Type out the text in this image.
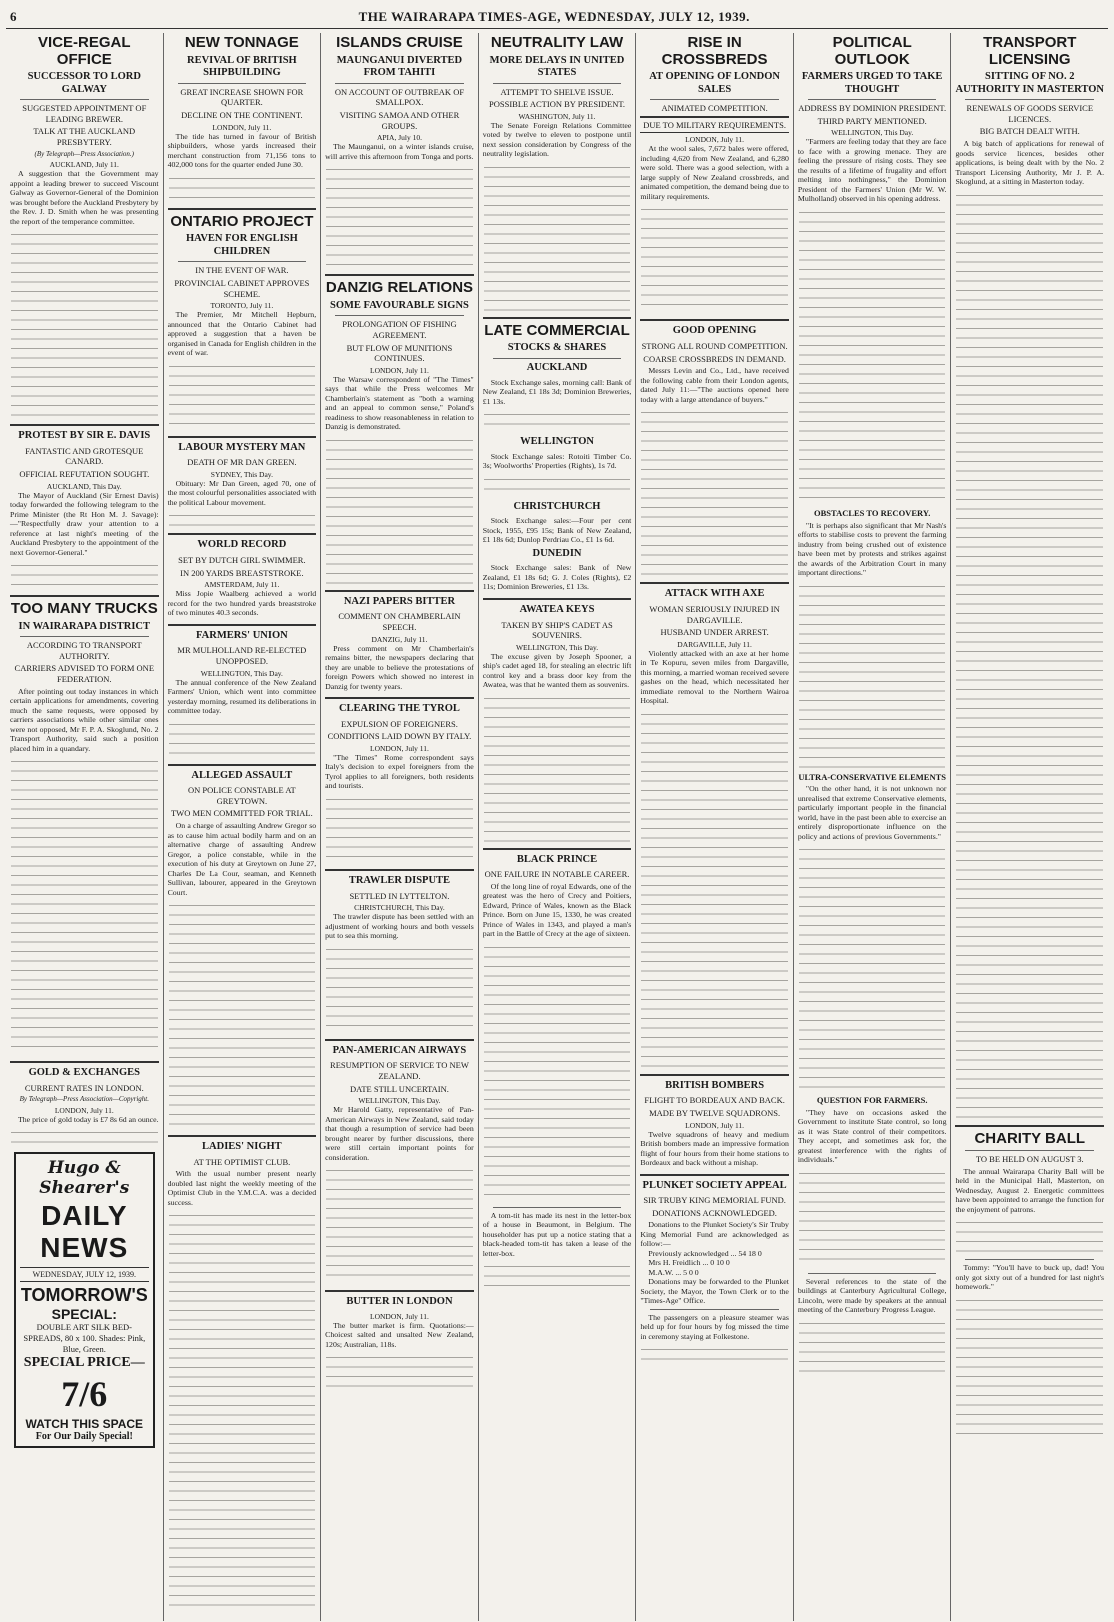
6	THE WAIRARAPA TIMES-AGE, WEDNESDAY, JULY 12, 1939.
VICE-REGAL OFFICE
SUCCESSOR TO LORD GALWAY
SUGGESTED APPOINTMENT OF LEADING BREWER.
TALK AT THE AUCKLAND PRESBYTERY.
(By Telegraph—Press Association.)
AUCKLAND, July 11.
A suggestion that the Government may appoint a leading brewer to succeed Viscount Galway as Governor-General of the Dominion was brought before the Auckland Presbytery by the Rev. J. D. Smith when he was presenting the report of the temperance committee.
PROTEST BY SIR E. DAVIS
FANTASTIC AND GROTESQUE CANARD.
OFFICIAL REFUTATION SOUGHT.
AUCKLAND, This Day.
The Mayor of Auckland (Sir Ernest Davis) today forwarded the following telegram to the Prime Minister (the Rt Hon M. J. Savage):—"Respectfully draw your attention to a reference at last night's meeting of the Auckland Presbytery to the appointment of the next Governor-General."
TOO MANY TRUCKS
IN WAIRARAPA DISTRICT
ACCORDING TO TRANSPORT AUTHORITY.
CARRIERS ADVISED TO FORM ONE FEDERATION.
After pointing out today instances in which certain applications for amendments, covering much the same requests, were opposed by carriers associations while other similar ones were not opposed, Mr F. P. A. Skoglund, No. 2 Transport Authority, said such a position placed him in a quandary.
GOLD & EXCHANGES
CURRENT RATES IN LONDON.
By Telegraph—Press Association—Copyright.
LONDON, July 11.
The price of gold today is £7 8s 6d an ounce.
Hugo & Shearer's
DAILY NEWS
WEDNESDAY, JULY 12, 1939.
TOMORROW'S
SPECIAL:
DOUBLE ART SILK BED-SPREADS, 80 x 100. Shades: Pink, Blue, Green.
SPECIAL PRICE—
7/6
WATCH THIS SPACE
For Our Daily Special!
NEW TONNAGE
REVIVAL OF BRITISH SHIPBUILDING
GREAT INCREASE SHOWN FOR QUARTER.
DECLINE ON THE CONTINENT.
LONDON, July 11.
The tide has turned in favour of British shipbuilders, whose yards increased their merchant construction from 71,156 tons to 402,000 tons for the quarter ended June 30.
ONTARIO PROJECT
HAVEN FOR ENGLISH CHILDREN
IN THE EVENT OF WAR.
PROVINCIAL CABINET APPROVES SCHEME.
TORONTO, July 11.
The Premier, Mr Mitchell Hepburn, announced that the Ontario Cabinet had approved a suggestion that a haven be organised in Canada for English children in the event of war.
LABOUR MYSTERY MAN
DEATH OF MR DAN GREEN.
SYDNEY, This Day.
Obituary: Mr Dan Green, aged 70, one of the most colourful personalities associated with the political Labour movement.
WORLD RECORD
SET BY DUTCH GIRL SWIMMER.
IN 200 YARDS BREASTSTROKE.
AMSTERDAM, July 11.
Miss Jopie Waalberg achieved a world record for the two hundred yards breaststroke of two minutes 40.3 seconds.
FARMERS' UNION
MR MULHOLLAND RE-ELECTED UNOPPOSED.
WELLINGTON, This Day.
The annual conference of the New Zealand Farmers' Union, which went into committee yesterday morning, resumed its deliberations in committee today.
ALLEGED ASSAULT
ON POLICE CONSTABLE AT GREYTOWN.
TWO MEN COMMITTED FOR TRIAL.
On a charge of assaulting Andrew Gregor so as to cause him actual bodily harm and on an alternative charge of assaulting Andrew Gregor, a police constable, while in the execution of his duty at Greytown on June 27, Charles De La Cour, seaman, and Kenneth Sullivan, labourer, appeared in the Greytown Court.
LADIES' NIGHT
AT THE OPTIMIST CLUB.
With the usual number present nearly doubled last night the weekly meeting of the Optimist Club in the Y.M.C.A. was a decided success.
ISLANDS CRUISE
MAUNGANUI DIVERTED FROM TAHITI
ON ACCOUNT OF OUTBREAK OF SMALLPOX.
VISITING SAMOA AND OTHER GROUPS.
APIA, July 10.
The Maunganui, on a winter islands cruise, will arrive this afternoon from Tonga and ports.
DANZIG RELATIONS
SOME FAVOURABLE SIGNS
PROLONGATION OF FISHING AGREEMENT.
BUT FLOW OF MUNITIONS CONTINUES.
LONDON, July 11.
The Warsaw correspondent of "The Times" says that while the Press welcomes Mr Chamberlain's statement as "both a warning and an appeal to common sense," Poland's readiness to show reasonableness in relation to Danzig is demonstrated.
NAZI PAPERS BITTER
COMMENT ON CHAMBERLAIN SPEECH.
DANZIG, July 11.
Press comment on Mr Chamberlain's remains bitter, the newspapers declaring that they are unable to believe the protestations of foreign Powers which showed no interest in Danzig for twenty years.
CLEARING THE TYROL
EXPULSION OF FOREIGNERS.
CONDITIONS LAID DOWN BY ITALY.
LONDON, July 11.
"The Times" Rome correspondent says Italy's decision to expel foreigners from the Tyrol applies to all foreigners, both residents and tourists.
TRAWLER DISPUTE
SETTLED IN LYTTELTON.
CHRISTCHURCH, This Day.
The trawler dispute has been settled with an adjustment of working hours and both vessels put to sea this morning.
PAN-AMERICAN AIRWAYS
RESUMPTION OF SERVICE TO NEW ZEALAND.
DATE STILL UNCERTAIN.
WELLINGTON, This Day.
Mr Harold Gatty, representative of Pan-American Airways in New Zealand, said today that though a resumption of service had been brought nearer by further discussions, there were still certain important points for consideration.
BUTTER IN LONDON
LONDON, July 11.
The butter market is firm. Quotations:—Choicest salted and unsalted New Zealand, 120s; Australian, 118s.
NEUTRALITY LAW
MORE DELAYS IN UNITED STATES
ATTEMPT TO SHELVE ISSUE.
POSSIBLE ACTION BY PRESIDENT.
WASHINGTON, July 11.
The Senate Foreign Relations Committee voted by twelve to eleven to postpone until next session consideration by Congress of the neutrality legislation.
LATE COMMERCIAL
STOCKS & SHARES
AUCKLAND
Stock Exchange sales, morning call: Bank of New Zealand, £1 18s 3d; Dominion Breweries, £1 13s.
WELLINGTON
Stock Exchange sales: Rotoiti Timber Co. 3s; Woolworths' Properties (Rights), 1s 7d.
CHRISTCHURCH
Stock Exchange sales:—Four per cent Stock, 1955, £95 15s; Bank of New Zealand, £1 18s 6d; Dunlop Perdriau Co., £1 1s 6d.
DUNEDIN
Stock Exchange sales: Bank of New Zealand, £1 18s 6d; G. J. Coles (Rights), £2 11s; Dominion Breweries, £1 13s.
AWATEA KEYS
TAKEN BY SHIP'S CADET AS SOUVENIRS.
WELLINGTON, This Day.
The excuse given by Joseph Spooner, a ship's cadet aged 18, for stealing an electric lift control key and a brass door key from the Awatea, was that he wanted them as souvenirs.
BLACK PRINCE
ONE FAILURE IN NOTABLE CAREER.
Of the long line of royal Edwards, one of the greatest was the hero of Crecy and Poitiers, Edward, Prince of Wales, known as the Black Prince. Born on June 15, 1330, he was created Prince of Wales in 1343, and played a man's part in the Battle of Crecy at the age of sixteen.
A tom-tit has made its nest in the letter-box of a house in Beaumont, in Belgium. The householder has put up a notice stating that a black-headed tom-tit has taken a lease of the letter-box.
RISE IN CROSSBREDS
AT OPENING OF LONDON SALES
ANIMATED COMPETITION.
DUE TO MILITARY REQUIREMENTS.
LONDON, July 11.
At the wool sales, 7,672 bales were offered, including 4,620 from New Zealand, and 6,280 were sold. There was a good selection, with a large supply of New Zealand crossbreds, and animated competition, the demand being due to military requirements.
GOOD OPENING
STRONG ALL ROUND COMPETITION.
COARSE CROSSBREDS IN DEMAND.
Messrs Levin and Co., Ltd., have received the following cable from their London agents, dated July 11:—"The auctions opened here today with a large attendance of buyers."
ATTACK WITH AXE
WOMAN SERIOUSLY INJURED IN DARGAVILLE.
HUSBAND UNDER ARREST.
DARGAVILLE, July 11.
Violently attacked with an axe at her home in Te Kopuru, seven miles from Dargaville, this morning, a married woman received severe gashes on the head, which necessitated her immediate removal to the Northern Wairoa Hospital.
BRITISH BOMBERS
FLIGHT TO BORDEAUX AND BACK.
MADE BY TWELVE SQUADRONS.
LONDON, July 11.
Twelve squadrons of heavy and medium British bombers made an impressive formation flight of four hours from their home stations to Bordeaux and back without a mishap.
PLUNKET SOCIETY APPEAL
SIR TRUBY KING MEMORIAL FUND.
DONATIONS ACKNOWLEDGED.
Donations to the Plunket Society's Sir Truby King Memorial Fund are acknowledged as follow:—
Previously acknowledged ... 54 18 0
Mrs H. Freidlich ... 0 10 0
M.A.W. ... 5 0 0
Donations may be forwarded to the Plunket Society, the Mayor, the Town Clerk or to the "Times-Age" Office.
The passengers on a pleasure steamer was held up for four hours by fog missed the time in ceremony staying at Folkestone.
POLITICAL OUTLOOK
FARMERS URGED TO TAKE THOUGHT
ADDRESS BY DOMINION PRESIDENT.
THIRD PARTY MENTIONED.
WELLINGTON, This Day.
"Farmers are feeling today that they are face to face with a growing menace. They are feeling the pressure of rising costs. They see the results of a lifetime of frugality and effort melting into nothingness," the Dominion President of the Farmers' Union (Mr W. W. Mulholland) observed in his opening address.
OBSTACLES TO RECOVERY.
"It is perhaps also significant that Mr Nash's efforts to stabilise costs to prevent the farming industry from being crushed out of existence have been met by protests and strikes against the awards of the Arbitration Court in many important directions."
ULTRA-CONSERVATIVE ELEMENTS
"On the other hand, it is not unknown nor unrealised that extreme Conservative elements, particularly important people in the financial world, have in the past been able to exercise an entirely disproportionate influence on the policy and actions of previous Governments."
QUESTION FOR FARMERS.
"They have on occasions asked the Government to institute State control, so long as it was State control of their competitors. They accept, and sometimes ask for, the greatest interference with the rights of individuals."
Several references to the state of the buildings at Canterbury Agricultural College, Lincoln, were made by speakers at the annual meeting of the Canterbury Progress League.
TRANSPORT LICENSING
SITTING OF NO. 2 AUTHORITY IN MASTERTON
RENEWALS OF GOODS SERVICE LICENCES.
BIG BATCH DEALT WITH.
A big batch of applications for renewal of goods service licences, besides other applications, is being dealt with by the No. 2 Transport Licensing Authority, Mr J. P. A. Skoglund, at a sitting in Masterton today.
CHARITY BALL
TO BE HELD ON AUGUST 3.
The annual Wairarapa Charity Ball will be held in the Municipal Hall, Masterton, on Wednesday, August 2. Energetic committees have been appointed to arrange the function for the enjoyment of patrons.
Tommy: "You'll have to buck up, dad! You only got sixty out of a hundred for last night's homework."
